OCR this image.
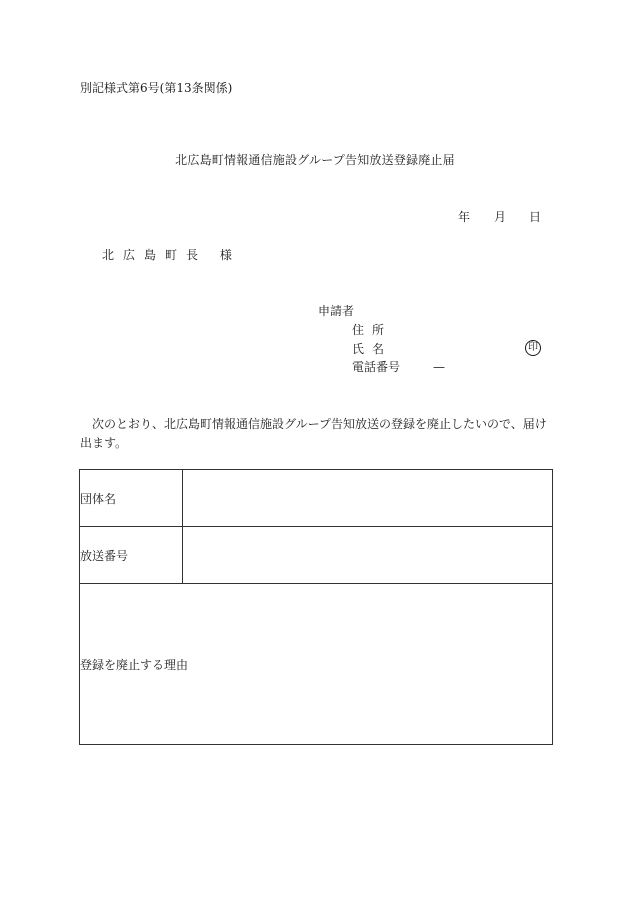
別記様式第6号(第13条関係)
北広島町情報通信施設グループ告知放送登録廃止届
年 月 日
北広島町長 様
申請者
住所
氏名	印
電話番号	—
次のとおり、北広島町情報通信施設グループ告知放送の登録を廃止したいので、届け出ます。
団体名	
放送番号	
登録を廃止する理由	
